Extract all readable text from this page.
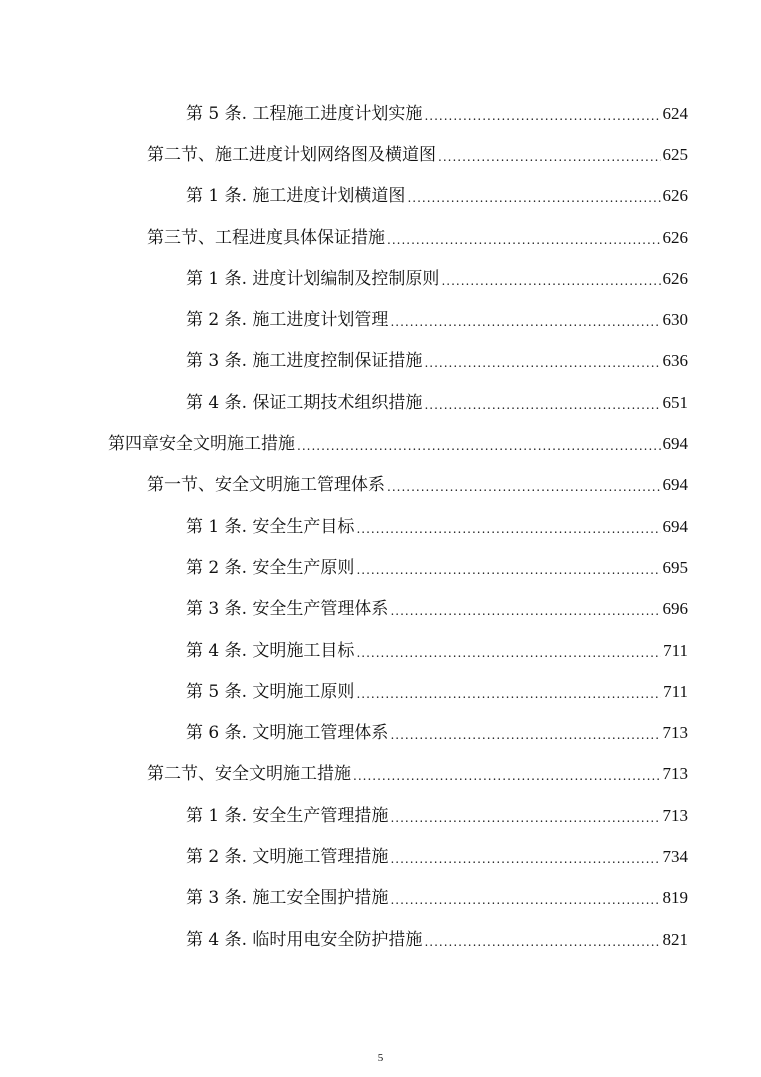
第 5 条. 工程施工进度计划实施 .....	624
第二节、施工进度计划网络图及横道图 .....	625
第 1 条. 施工进度计划横道图 .....	626
第三节、工程进度具体保证措施 .....	626
第 1 条. 进度计划编制及控制原则 .....	626
第 2 条. 施工进度计划管理 .....	630
第 3 条. 施工进度控制保证措施 .....	636
第 4 条. 保证工期技术组织措施 .....	651
第四章安全文明施工措施 .....	694
第一节、安全文明施工管理体系 .....	694
第 1 条. 安全生产目标 .....	694
第 2 条. 安全生产原则 .....	695
第 3 条. 安全生产管理体系 .....	696
第 4 条. 文明施工目标 .....	711
第 5 条. 文明施工原则 .....	711
第 6 条. 文明施工管理体系 .....	713
第二节、安全文明施工措施 .....	713
第 1 条. 安全生产管理措施 .....	713
第 2 条. 文明施工管理措施 .....	734
第 3 条. 施工安全围护措施 .....	819
第 4 条. 临时用电安全防护措施 .....	821
5
